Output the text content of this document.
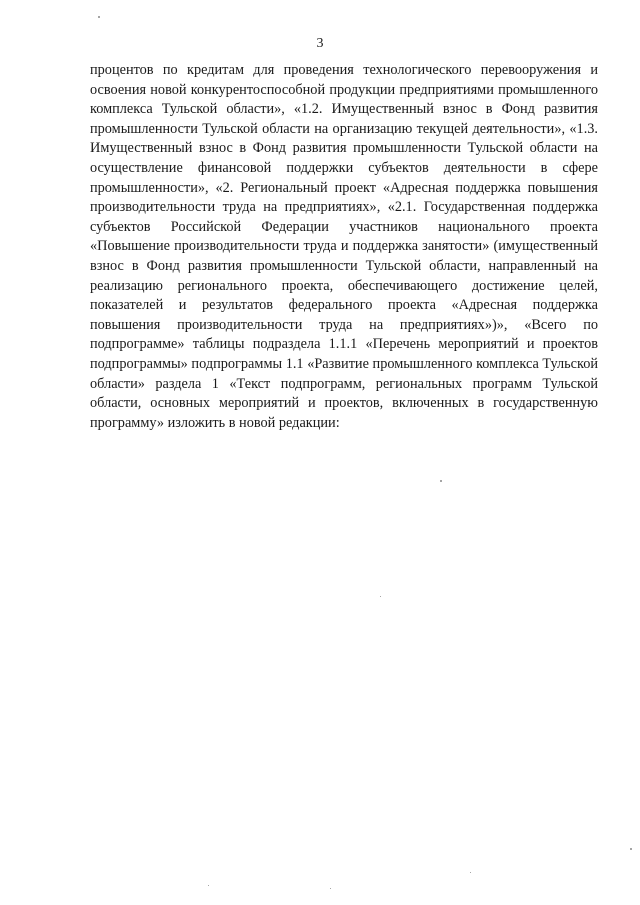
3

процентов по кредитам для проведения технологического перевооружения и освоения новой конкурентоспособной продукции предприятиями промышленного комплекса Тульской области», «1.2. Имущественный взнос в Фонд развития промышленности Тульской области на организацию текущей деятельности», «1.3. Имущественный взнос в Фонд развития промышленности Тульской области на осуществление финансовой поддержки субъектов деятельности в сфере промышленности», «2. Региональный проект «Адресная поддержка повышения производительности труда на предприятиях», «2.1. Государственная поддержка субъектов Российской Федерации участников национального проекта «Повышение производительности труда и поддержка занятости» (имущественный взнос в Фонд развития промышленности Тульской области, направленный на реализацию регионального проекта, обеспечивающего достижение целей, показателей и результатов федерального проекта «Адресная поддержка повышения производительности труда на предприятиях»)», «Всего по подпрограмме» таблицы подраздела 1.1.1 «Перечень мероприятий и проектов подпрограммы» подпрограммы 1.1 «Развитие промышленного комплекса Тульской области» раздела 1 «Текст подпрограмм, региональных программ Тульской области, основных мероприятий и проектов, включенных в государственную программу» изложить в новой редакции:
